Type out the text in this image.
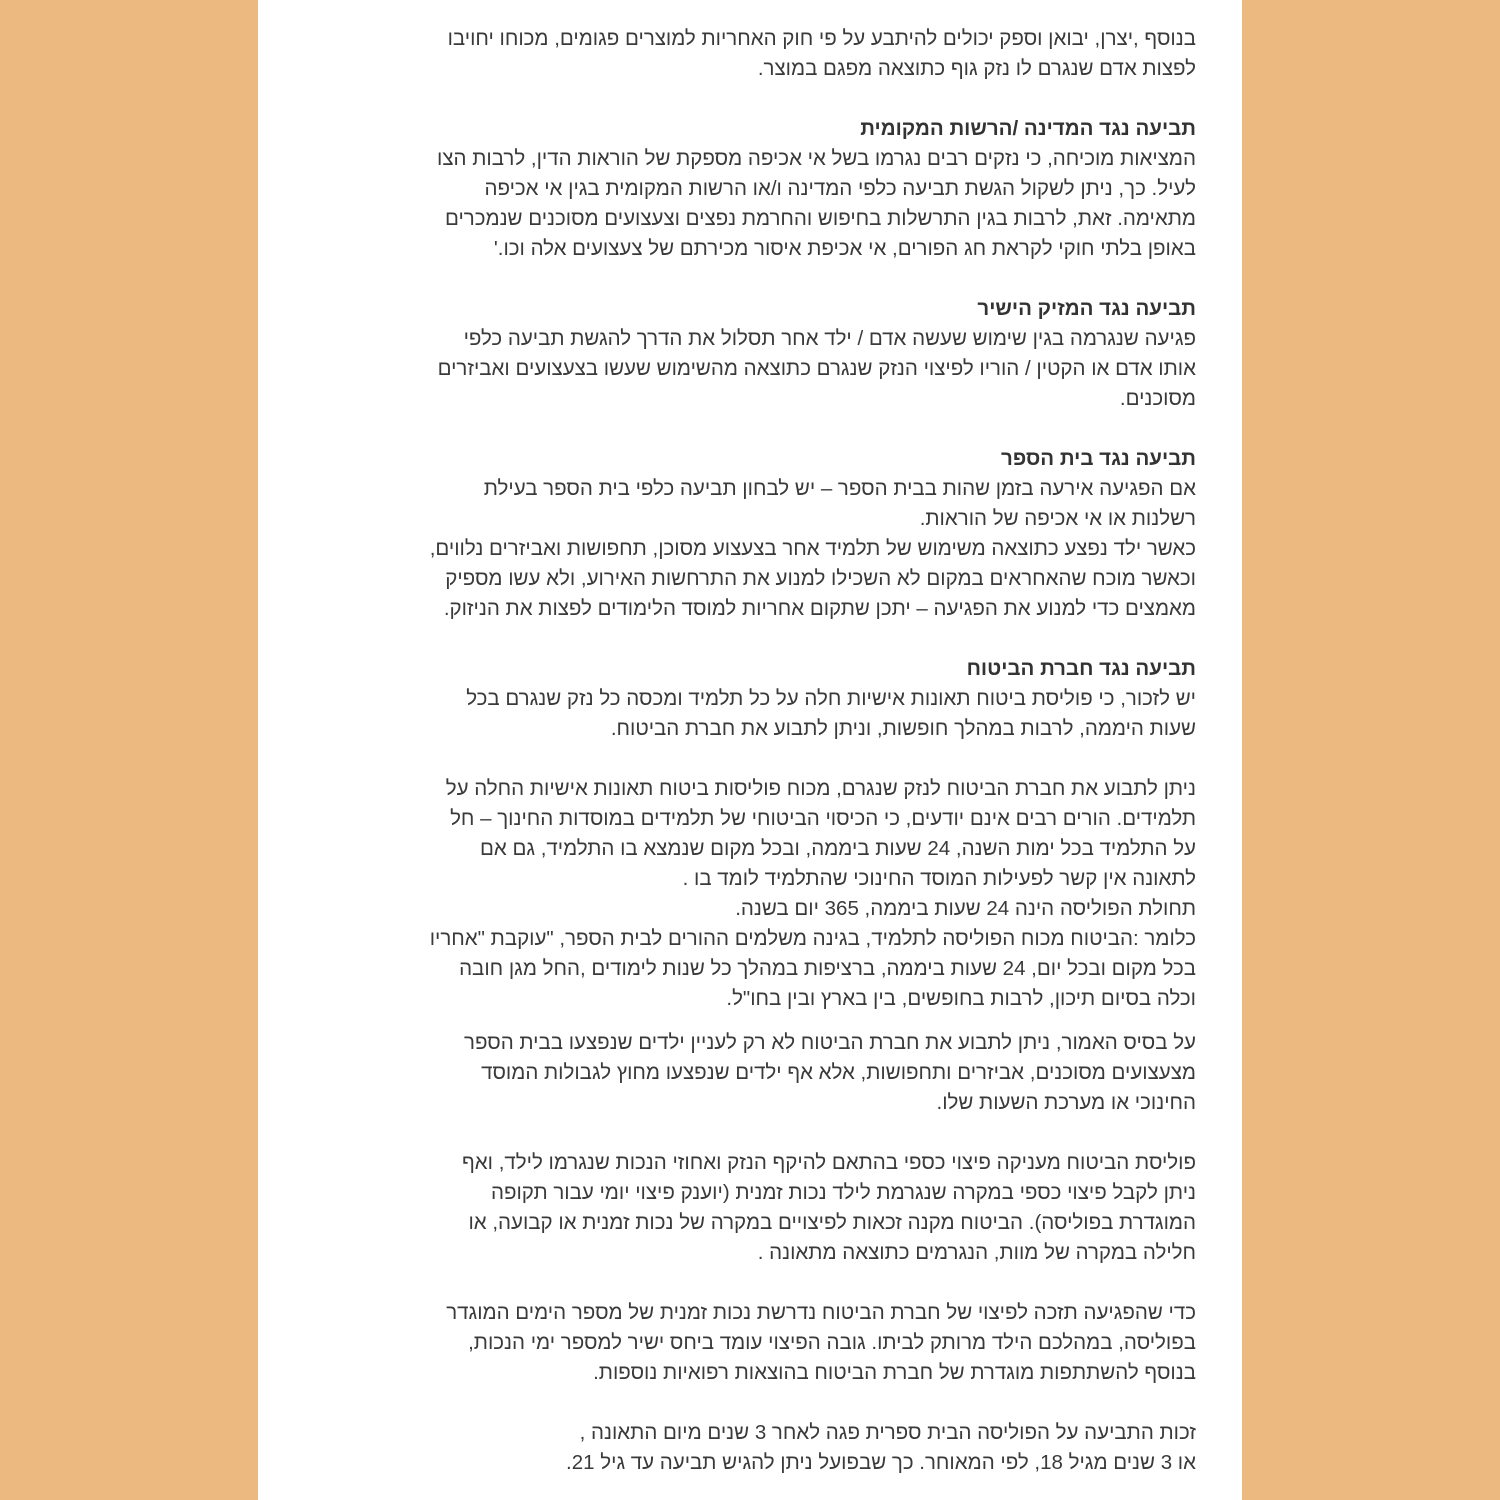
בנוסף ,יצרן, יבואן וספק יכולים להיתבע על פי חוק האחריות למוצרים פגומים, מכוחו יחויבו
לפצות אדם שנגרם לו נזק גוף כתוצאה מפגם במוצר.

תביעה נגד המדינה /הרשות המקומית

המציאות מוכיחה, כי נזקים רבים נגרמו בשל אי אכיפה מספקת של הוראות הדין, לרבות הצו
לעיל. כך, ניתן לשקול הגשת תביעה כלפי המדינה ו/או הרשות המקומית בגין אי אכיפה
מתאימה. זאת, לרבות בגין התרשלות בחיפוש והחרמת נפצים וצעצועים מסוכנים שנמכרים
באופן בלתי חוקי לקראת חג הפורים, אי אכיפת איסור מכירתם של צעצועים אלה וכו.'

תביעה נגד המזיק הישיר

פגיעה שנגרמה בגין שימוש שעשה אדם / ילד אחר תסלול את הדרך להגשת תביעה כלפי
אותו אדם או הקטין / הוריו לפיצוי הנזק שנגרם כתוצאה מהשימוש שעשו בצעצועים ואביזרים
מסוכנים.

תביעה נגד בית הספר

אם הפגיעה אירעה בזמן שהות בבית הספר – יש לבחון תביעה כלפי בית הספר בעילת
רשלנות או אי אכיפה של הוראות.
כאשר ילד נפצע כתוצאה משימוש של תלמיד אחר בצעצוע מסוכן, תחפושות ואביזרים נלווים,
וכאשר מוכח שהאחראים במקום לא השכילו למנוע את התרחשות האירוע, ולא עשו מספיק
מאמצים כדי למנוע את הפגיעה – יתכן שתקום אחריות למוסד הלימודים לפצות את הניזוק.

תביעה נגד חברת הביטוח

יש לזכור, כי פוליסת ביטוח תאונות אישיות חלה על כל תלמיד ומכסה כל נזק שנגרם בכל
שעות היממה, לרבות במהלך חופשות, וניתן לתבוע את חברת הביטוח.

ניתן לתבוע את חברת הביטוח לנזק שנגרם, מכוח פוליסות ביטוח תאונות אישיות החלה על
תלמידים. הורים רבים אינם יודעים, כי הכיסוי הביטוחי של תלמידים במוסדות החינוך – חל
על התלמיד בכל ימות השנה, 24 שעות ביממה, ובכל מקום שנמצא בו התלמיד, גם אם
לתאונה אין קשר לפעילות המוסד החינוכי שהתלמיד לומד בו .
תחולת הפוליסה הינה 24 שעות ביממה, 365 יום בשנה.
כלומר :הביטוח מכוח הפוליסה לתלמיד, בגינה משלמים ההורים לבית הספר, "עוקבת "אחריו
בכל מקום ובכל יום, 24 שעות ביממה, ברציפות במהלך כל שנות לימודים ,החל מגן חובה
וכלה בסיום תיכון, לרבות בחופשים, בין בארץ ובין בחו"ל.

על בסיס האמור, ניתן לתבוע את חברת הביטוח לא רק לעניין ילדים שנפצעו בבית הספר
מצעצועים מסוכנים, אביזרים ותחפושות, אלא אף ילדים שנפצעו מחוץ לגבולות המוסד
החינוכי או מערכת השעות שלו.

פוליסת הביטוח מעניקה פיצוי כספי בהתאם להיקף הנזק ואחוזי הנכות שנגרמו לילד, ואף
ניתן לקבל פיצוי כספי במקרה שנגרמת לילד נכות זמנית (יוענק פיצוי יומי עבור תקופה
המוגדרת בפוליסה). הביטוח מקנה זכאות לפיצויים במקרה של נכות זמנית או קבועה, או
חלילה במקרה של מוות, הנגרמים כתוצאה מתאונה .

כדי שהפגיעה תזכה לפיצוי של חברת הביטוח נדרשת נכות זמנית של מספר הימים המוגדר
בפוליסה, במהלכם הילד מרותק לביתו. גובה הפיצוי עומד ביחס ישיר למספר ימי הנכות,
בנוסף להשתתפות מוגדרת של חברת הביטוח בהוצאות רפואיות נוספות.

זכות התביעה על הפוליסה הבית ספרית פגה לאחר 3 שנים מיום התאונה ,
או 3 שנים מגיל 18, לפי המאוחר. כך שבפועל ניתן להגיש תביעה עד גיל 21.
